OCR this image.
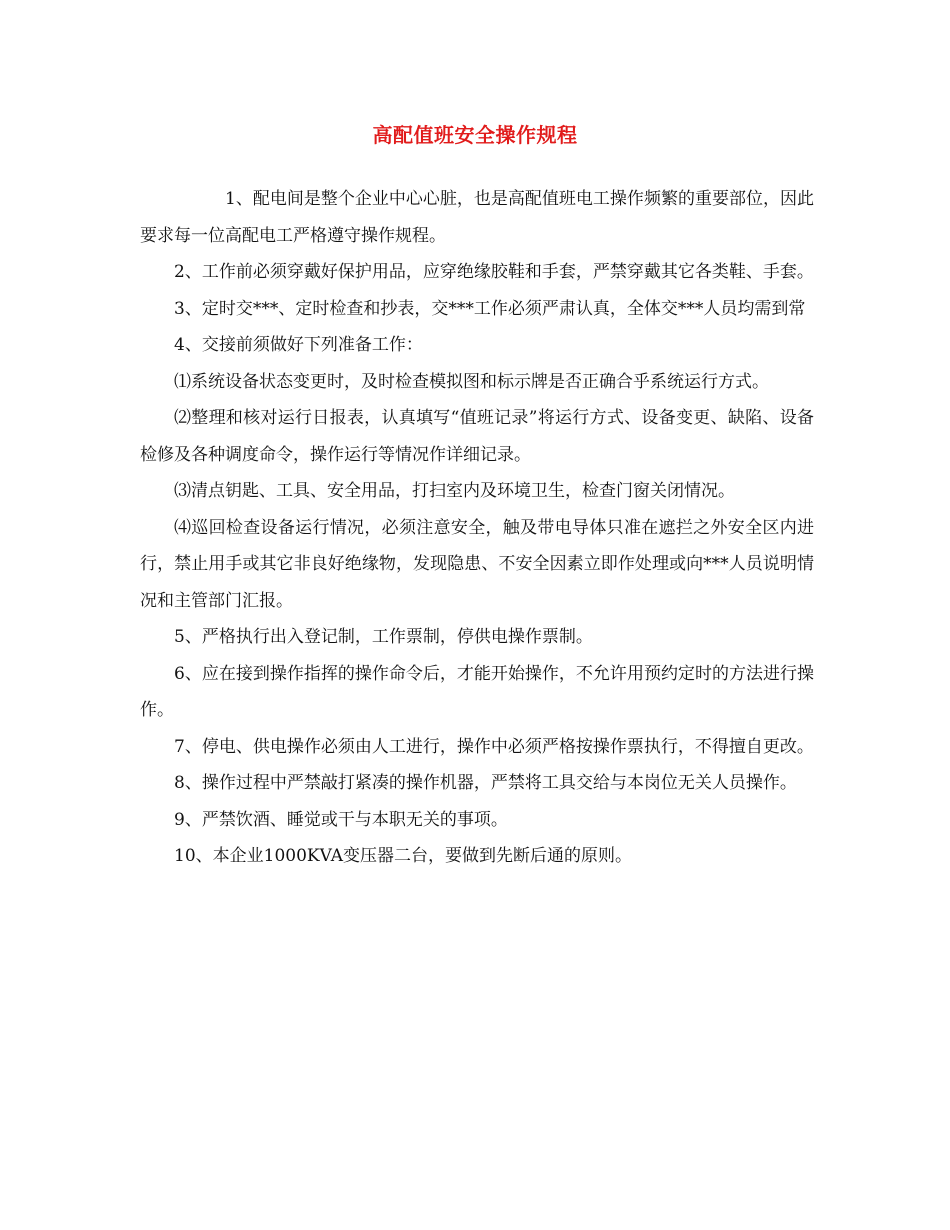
高配值班安全操作规程

1、配电间是整个企业中心心脏，也是高配值班电工操作频繁的重要部位，因此要求每一位高配电工严格遵守操作规程。

2、工作前必须穿戴好保护用品，应穿绝缘胶鞋和手套，严禁穿戴其它各类鞋、手套。

3、定时交***、定时检查和抄表，交***工作必须严肃认真，全体交***人员均需到常

4、交接前须做好下列准备工作：

⑴系统设备状态变更时，及时检查模拟图和标示牌是否正确合乎系统运行方式。

⑵整理和核对运行日报表，认真填写“值班记录”将运行方式、设备变更、缺陷、设备检修及各种调度命令，操作运行等情况作详细记录。

⑶清点钥匙、工具、安全用品，打扫室内及环境卫生，检查门窗关闭情况。

⑷巡回检查设备运行情况，必须注意安全，触及带电导体只准在遮拦之外安全区内进行，禁止用手或其它非良好绝缘物，发现隐患、不安全因素立即作处理或向***人员说明情况和主管部门汇报。

5、严格执行出入登记制，工作票制，停供电操作票制。

6、应在接到操作指挥的操作命令后，才能开始操作，不允许用预约定时的方法进行操作。

7、停电、供电操作必须由人工进行，操作中必须严格按操作票执行，不得擅自更改。

8、操作过程中严禁敲打紧凑的操作机器，严禁将工具交给与本岗位无关人员操作。

9、严禁饮酒、睡觉或干与本职无关的事项。

10、本企业1000KVA变压器二台，要做到先断后通的原则。
